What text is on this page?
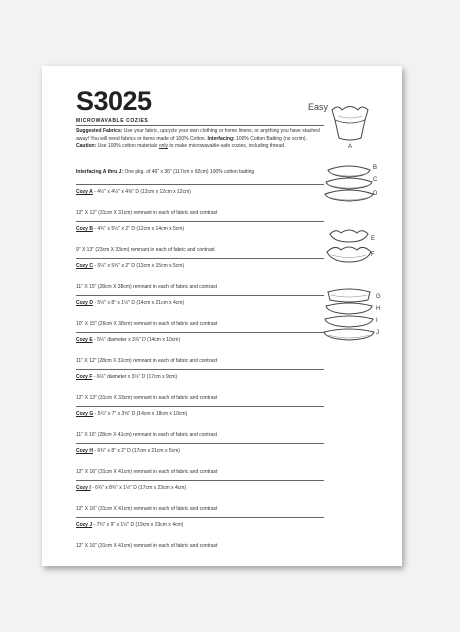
S3025	Easy
MICROWAVABLE COZIES
Suggested Fabrics: Use your fabric, upcycle your own clothing or home linens, or anything you have stashed away! You will need fabrics or items made of 100% Cotton. Interfacing: 100% Cotton Batting (no scrim). Caution: Use 100% cotton materials only to make microwavable-safe cozies, including thread.
Interfacing A thru J: One pkg. of 46" x 36" (117cm x 92cm) 100% cotton batting
A
B
C
D
E
F
G
H
I
J
Cozy A - 4½" x 4½" x 4⅝" D (12cm x 12cm x 12cm)
12" X 12" (31cm X 31cm) remnant in each of fabric and contrast
Cozy B - 4¾" x 5½" x 2" D (12cm x 14cm x 5cm)
9" X 13" (23cm X 33cm) remnant in each of fabric and contrast
Cozy C - 5¼" x 5¾" x 2" D (13cm x 15cm x 5cm)
11" X 15" (28cm X 38cm) remnant in each of fabric and contrast
Cozy D - 5½" x 8" x 1½" D (14cm x 21cm x 4cm)
10" X 15" (26cm X 38cm) remnant in each of fabric and contrast
Cozy E - 5½" diameter x 3⅞" D (14cm x 10cm)
11" X 12" (28cm X 31cm) remnant in each of fabric and contrast
Cozy F - 6½" diameter x 3½" D (17cm x 9cm)
12" X 13" (31cm X 33cm) remnant in each of fabric and contrast
Cozy G - 5¼" x 7" x 3⅝" D (14cm x 18cm x 10cm)
11" X 16" (28cm X 41cm) remnant in each of fabric and contrast
Cozy H - 6¾" x 8" x 2" D (17cm x 21cm x 5cm)
12" X 16" (31cm X 41cm) remnant in each of fabric and contrast
Cozy I - 6¾" x 8¾" x 1½" D (17cm x 23cm x 4cm)
12" X 16" (31cm X 41cm) remnant in each of fabric and contrast
Cozy J - 7¾" x 9" x 1½" D (19cm x 23cm x 4cm)
12" X 16" (31cm X 41cm) remnant in each of fabric and contrast
